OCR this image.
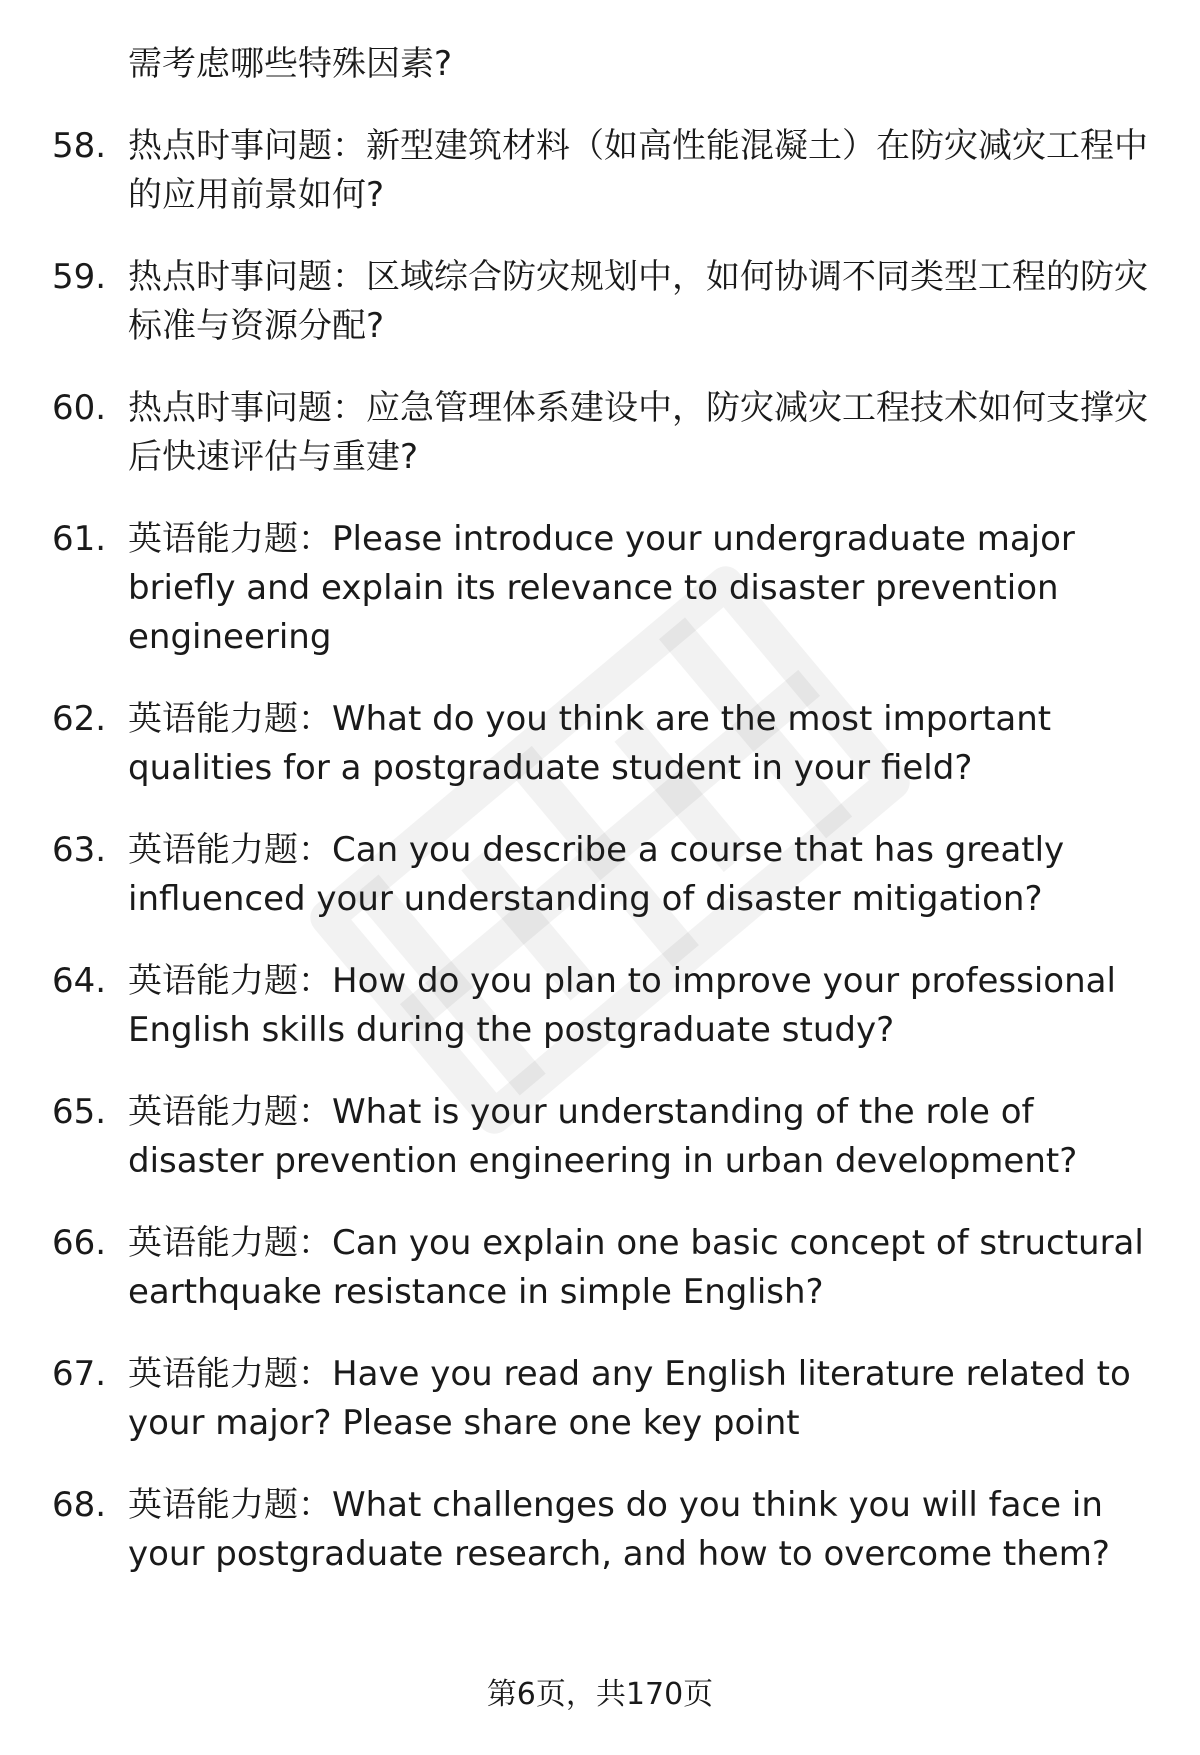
需考虑哪些特殊因素?
58. 热点时事问题：新型建筑材料（如高性能混凝土）在防灾减灾工程中的应用前景如何?
59. 热点时事问题：区域综合防灾规划中，如何协调不同类型工程的防灾标准与资源分配?
60. 热点时事问题：应急管理体系建设中，防灾减灾工程技术如何支撑灾后快速评估与重建?
61. 英语能力题：Please introduce your undergraduate major briefly and explain its relevance to disaster prevention engineering
62. 英语能力题：What do you think are the most important qualities for a postgraduate student in your field?
63. 英语能力题：Can you describe a course that has greatly influenced your understanding of disaster mitigation?
64. 英语能力题：How do you plan to improve your professional English skills during the postgraduate study?
65. 英语能力题：What is your understanding of the role of disaster prevention engineering in urban development?
66. 英语能力题：Can you explain one basic concept of structural earthquake resistance in simple English?
67. 英语能力题：Have you read any English literature related to your major? Please share one key point
68. 英语能力题：What challenges do you think you will face in your postgraduate research, and how to overcome them?
第6页，共170页
